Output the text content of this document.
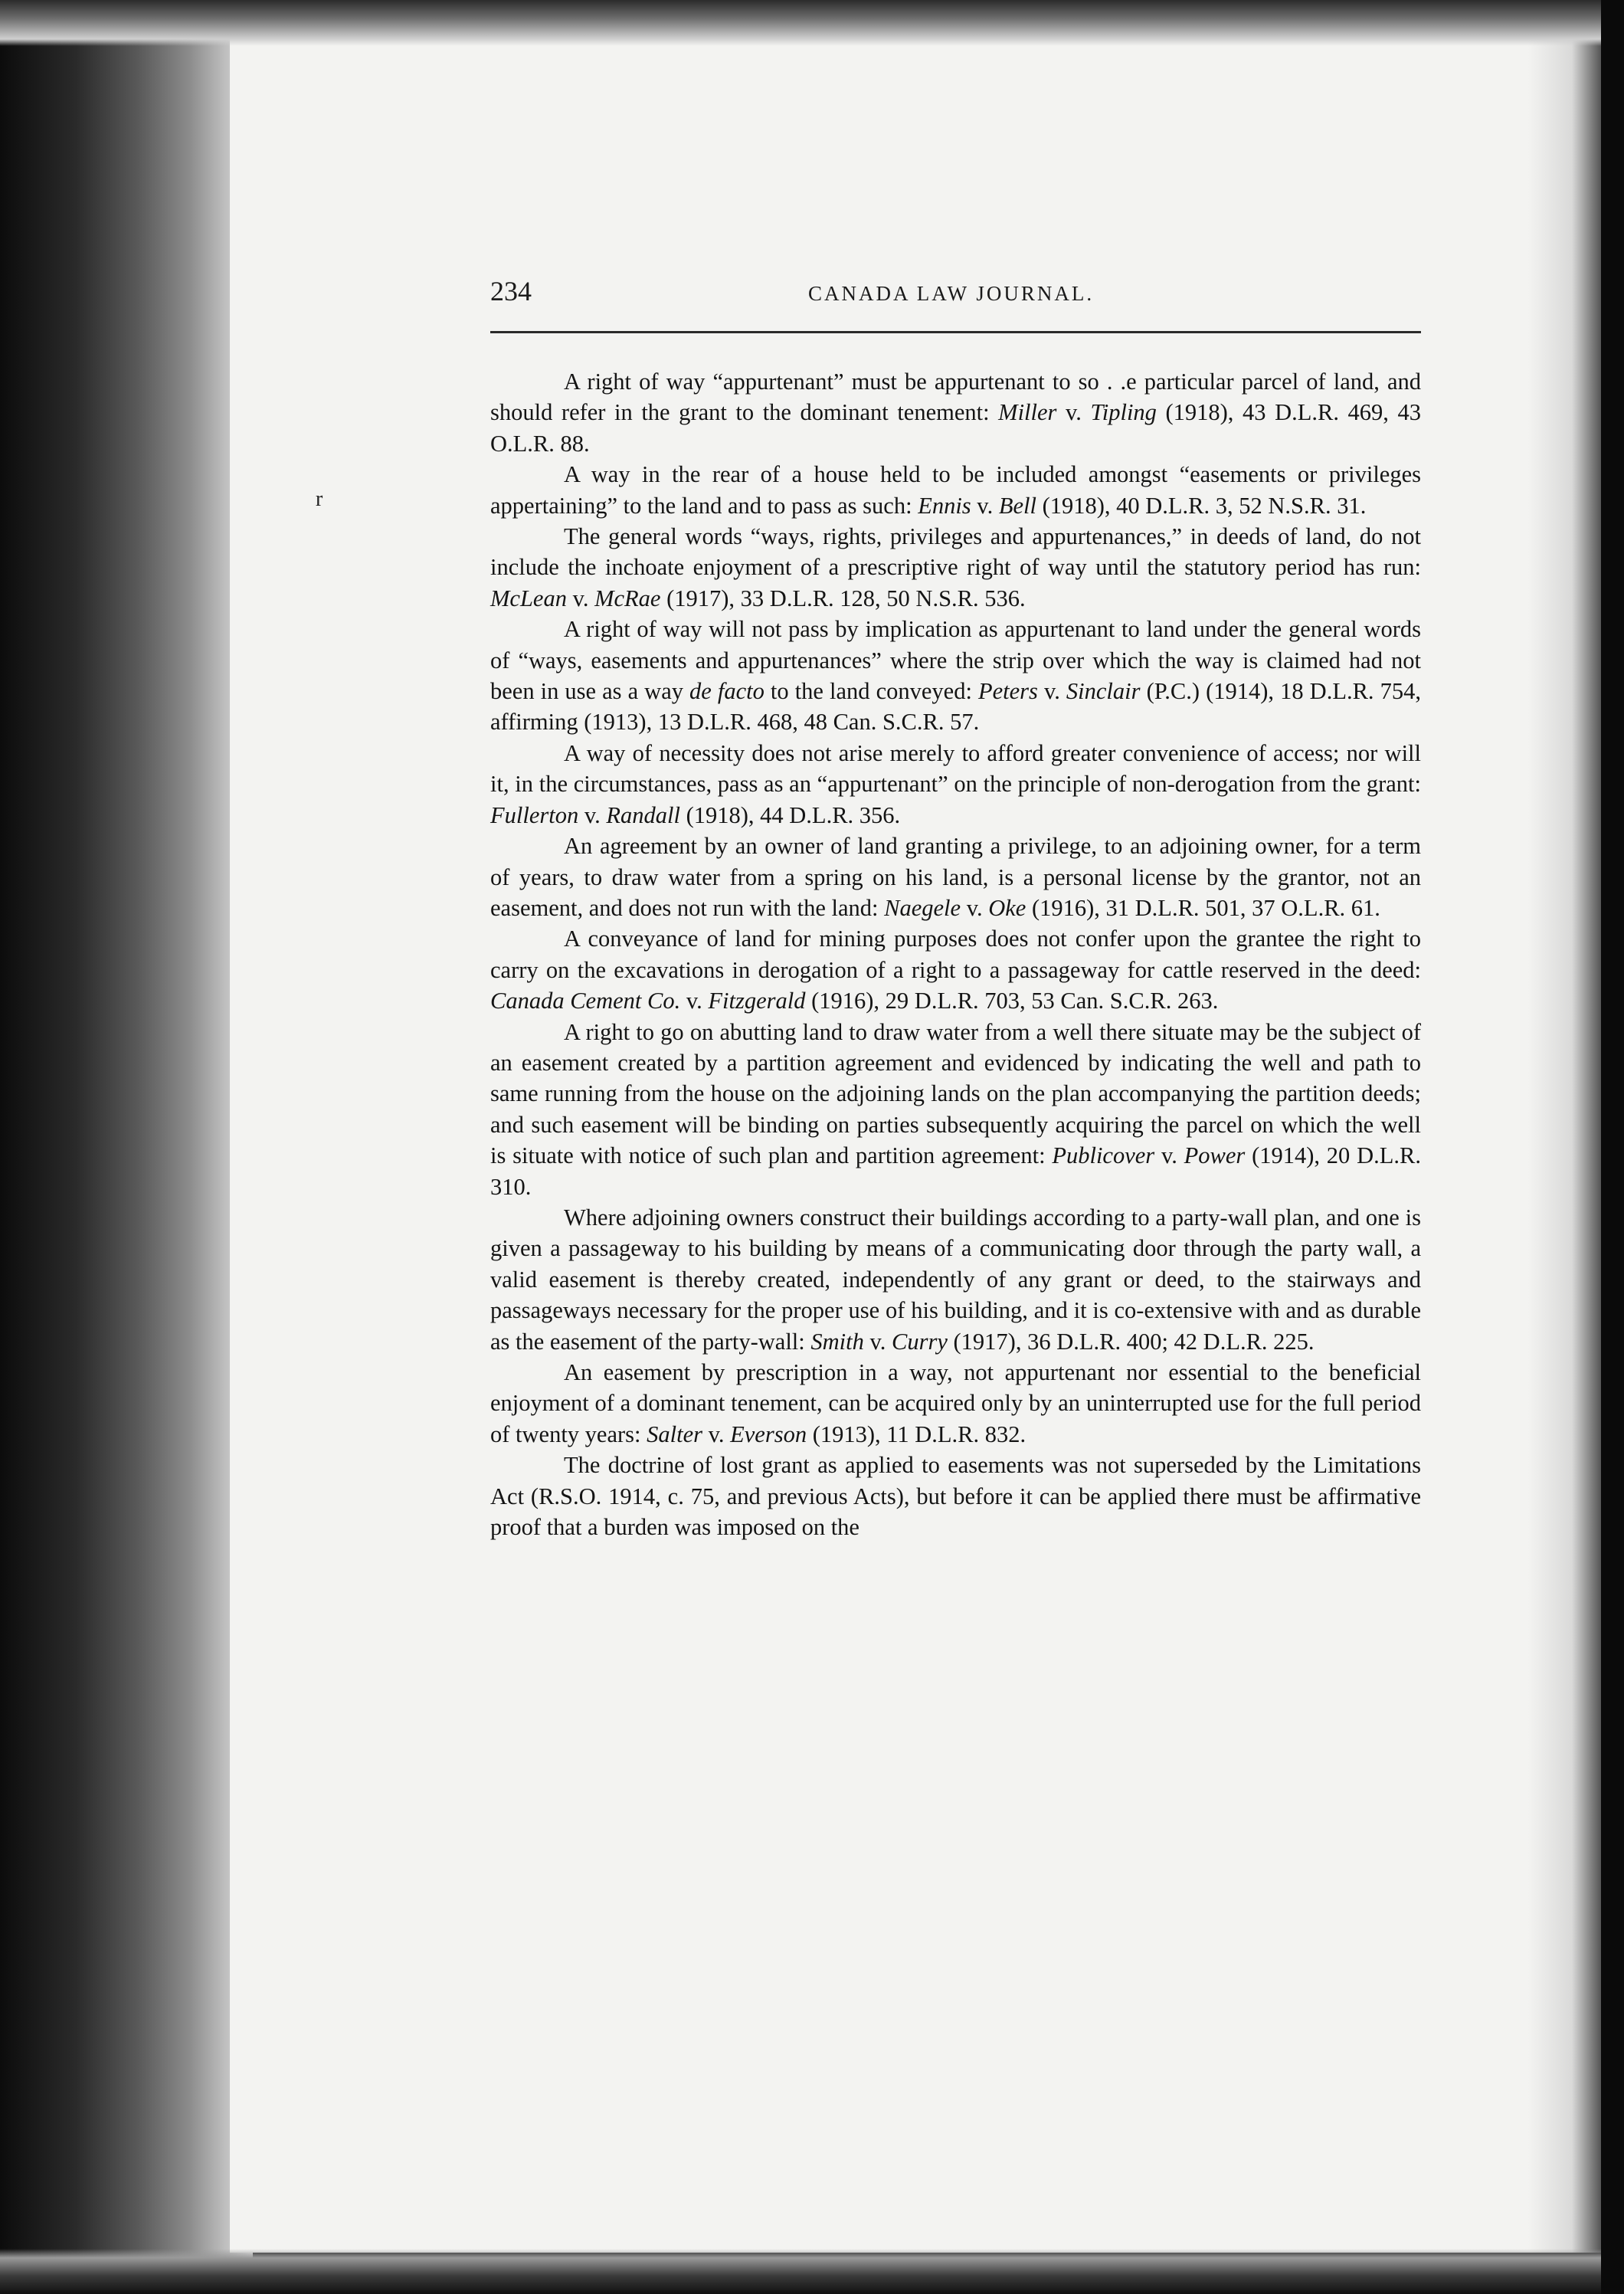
r
234	CANADA LAW JOURNAL.

A right of way “appurtenant” must be appurtenant to so . .e particular parcel of land, and should refer in the grant to the dominant tenement: Miller v. Tipling (1918), 43 D.L.R. 469, 43 O.L.R. 88.

A way in the rear of a house held to be included amongst “easements or privileges appertaining” to the land and to pass as such: Ennis v. Bell (1918), 40 D.L.R. 3, 52 N.S.R. 31.

The general words “ways, rights, privileges and appurtenances,” in deeds of land, do not include the inchoate enjoyment of a prescriptive right of way until the statutory period has run: McLean v. McRae (1917), 33 D.L.R. 128, 50 N.S.R. 536.

A right of way will not pass by implication as appurtenant to land under the general words of “ways, easements and appurtenances” where the strip over which the way is claimed had not been in use as a way de facto to the land conveyed: Peters v. Sinclair (P.C.) (1914), 18 D.L.R. 754, affirming (1913), 13 D.L.R. 468, 48 Can. S.C.R. 57.

A way of necessity does not arise merely to afford greater convenience of access; nor will it, in the circumstances, pass as an “appurtenant” on the principle of non-derogation from the grant: Fullerton v. Randall (1918), 44 D.L.R. 356.

An agreement by an owner of land granting a privilege, to an adjoining owner, for a term of years, to draw water from a spring on his land, is a personal license by the grantor, not an easement, and does not run with the land: Naegele v. Oke (1916), 31 D.L.R. 501, 37 O.L.R. 61.

A conveyance of land for mining purposes does not confer upon the grantee the right to carry on the excavations in derogation of a right to a passageway for cattle reserved in the deed: Canada Cement Co. v. Fitzgerald (1916), 29 D.L.R. 703, 53 Can. S.C.R. 263.

A right to go on abutting land to draw water from a well there situate may be the subject of an easement created by a partition agreement and evidenced by indicating the well and path to same running from the house on the adjoining lands on the plan accompanying the partition deeds; and such easement will be binding on parties subsequently acquiring the parcel on which the well is situate with notice of such plan and partition agreement: Publicover v. Power (1914), 20 D.L.R. 310.

Where adjoining owners construct their buildings according to a party-wall plan, and one is given a passageway to his building by means of a communicating door through the party wall, a valid easement is thereby created, independently of any grant or deed, to the stairways and passageways necessary for the proper use of his building, and it is co-extensive with and as durable as the easement of the party-wall: Smith v. Curry (1917), 36 D.L.R. 400; 42 D.L.R. 225.

An easement by prescription in a way, not appurtenant nor essential to the beneficial enjoyment of a dominant tenement, can be acquired only by an uninterrupted use for the full period of twenty years: Salter v. Everson (1913), 11 D.L.R. 832.

The doctrine of lost grant as applied to easements was not superseded by the Limitations Act (R.S.O. 1914, c. 75, and previous Acts), but before it can be applied there must be affirmative proof that a burden was imposed on the
